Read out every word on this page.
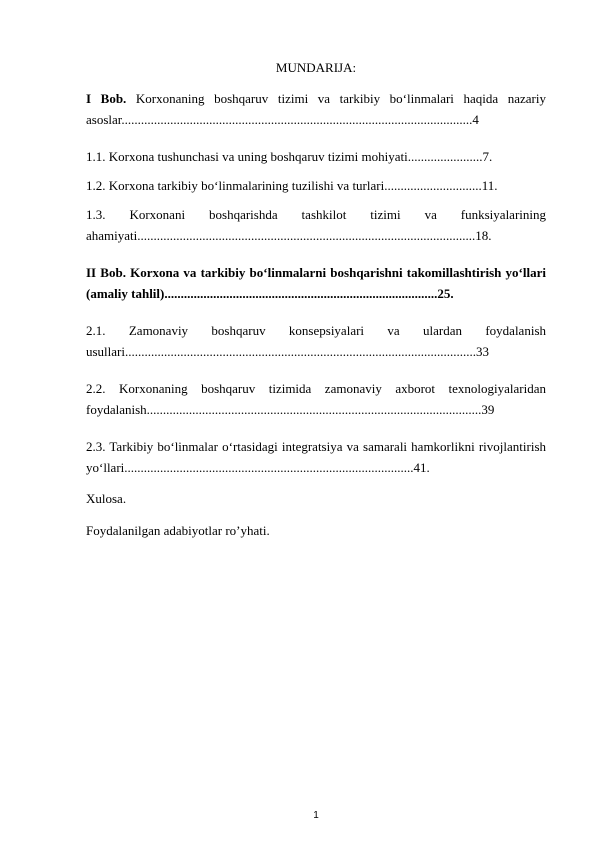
MUNDARIJA:
I Bob. Korxonaning boshqaruv tizimi va tarkibiy bo‘linmalari haqida nazariy asoslar............................................................................................................4
1.1. Korxona tushunchasi va uning boshqaruv tizimi mohiyati.......................7.
1.2. Korxona tarkibiy bo‘linmalarining tuzilishi va turlari..............................11.
1.3. Korxonani boshqarishda tashkilot tizimi va funksiyalarining ahamiyati........................................................................................................18.
II Bob. Korxona va tarkibiy bo‘linmalarni boshqarishni takomillashtirish yo‘llari (amaliy tahlil)....................................................................................25.
2.1. Zamonaviy boshqaruv konsepsiyalari va ulardan foydalanish usullari............................................................................................................33
2.2. Korxonaning boshqaruv tizimida zamonaviy axborot texnologiyalaridan foydalanish.......................................................................................................39
2.3. Tarkibiy bo‘linmalar o‘rtasidagi integratsiya va samarali hamkorlikni rivojlantirish yo‘llari.........................................................................................41.
Xulosa.
Foydalanilgan adabiyotlar ro’yhati.
1
